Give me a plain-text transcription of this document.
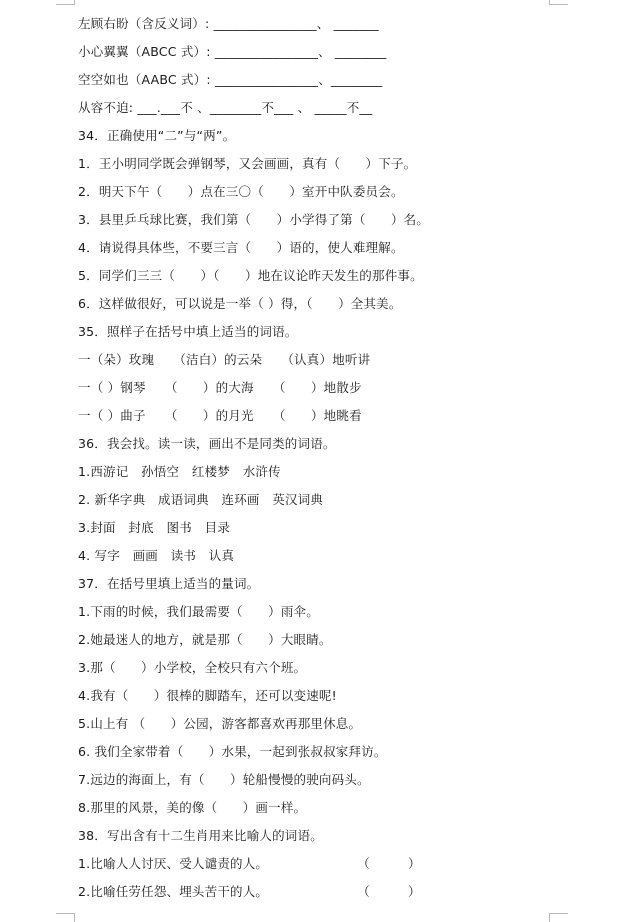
左顾右盼（含反义词）: ________________、 _______
小心翼翼（ABCC 式）: ________________、 ________
空空如也（AABC 式）: ________________、________
从容不迫: ___.___不 、________不___ 、 _____不__
34．正确使用“二”与“两”。
1．王小明同学既会弹钢琴，又会画画，真有（　　）下子。
2．明天下午（　　）点在三〇（　　）室开中队委员会。
3．县里乒乓球比赛，我们第（　　）小学得了第（　　）名。
4．请说得具体些，不要三言（　　）语的，使人难理解。
5．同学们三三（　　）（　　）地在议论昨天发生的那件事。
6．这样做很好，可以说是一举（ ）得，（　　）全其美。
35．照样子在括号中填上适当的词语。
一（朵）玫瑰　　（洁白）的云朵　　（认真）地听讲
一（ ）钢琴　　（　　）的大海　　（　　）地散步
一（ ）曲子　　（　　）的月光　　（　　）地眺看
36．我会找。读一读，画出不是同类的词语。
1.西游记　孙悟空　红楼梦　水浒传
2. 新华字典　成语词典　连环画　英汉词典
3.封面　封底　图书　目录
4. 写字　画画　读书　认真
37．在括号里填上适当的量词。
1.下雨的时候，我们最需要（　　）雨伞。
2.她最迷人的地方，就是那（　　）大眼睛。
3.那（　　）小学校，全校只有六个班。
4.我有（　　）很棒的脚踏车，还可以变速呢!
5.山上有 （　　）公园，游客都喜欢再那里休息。
6. 我们全家带着（　　）水果，一起到张叔叔家拜访。
7.远边的海面上，有（　　）轮船慢慢的驶向码头。
8.那里的风景，美的像（　　）画一样。
38．写出含有十二生肖用来比喻人的词语。
1.比喻人人讨厌、受人谴责的人。　　　　　　　　（　　　）
2.比喻任劳任怨、埋头苦干的人。　　　　　　　　（　　　）
